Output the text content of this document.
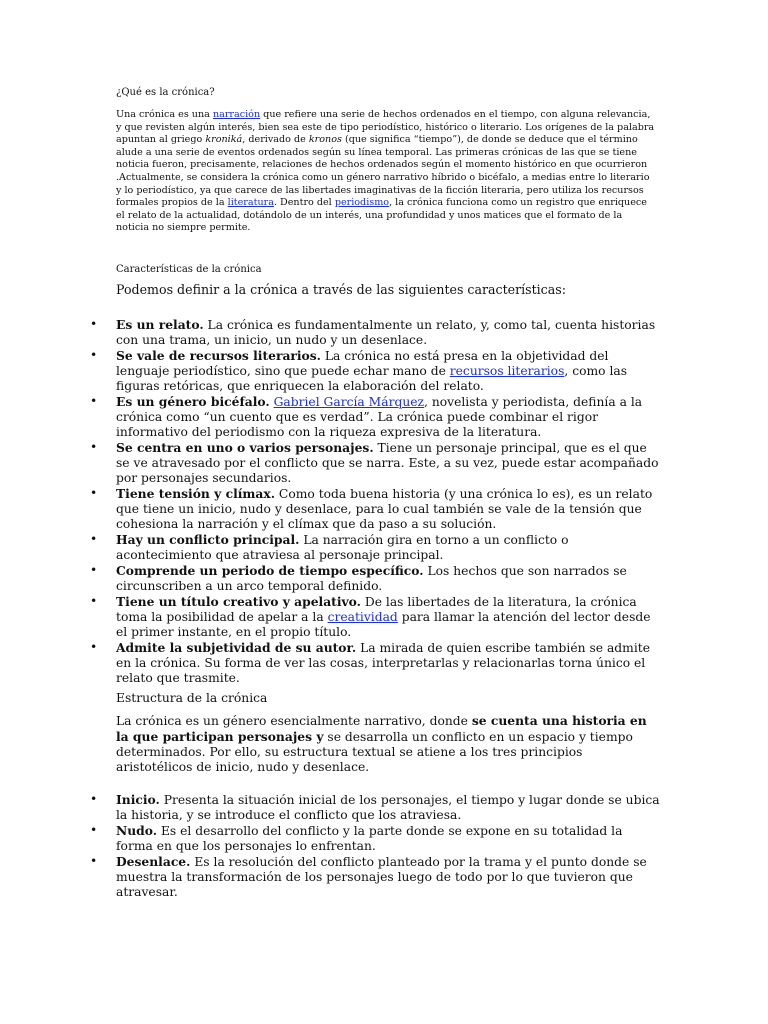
¿Qué es la crónica?

Una crónica es una narración que refiere una serie de hechos ordenados en el tiempo, con alguna relevancia, y que revisten algún interés, bien sea este de tipo periodístico, histórico o literario. Los orígenes de la palabra apuntan al griego kroniká, derivado de kronos (que significa “tiempo”), de donde se deduce que el término alude a una serie de eventos ordenados según su línea temporal. Las primeras crónicas de las que se tiene noticia fueron, precisamente, relaciones de hechos ordenados según el momento histórico en que ocurrieron .Actualmente, se considera la crónica como un género narrativo híbrido o bicéfalo, a medias entre lo literario y lo periodístico, ya que carece de las libertades imaginativas de la ficción literaria, pero utiliza los recursos formales propios de la literatura. Dentro del periodismo, la crónica funciona como un registro que enriquece el relato de la actualidad, dotándolo de un interés, una profundidad y unos matices que el formato de la noticia no siempre permite.

Características de la crónica
Podemos definir a la crónica a través de las siguientes características:
• Es un relato. La crónica es fundamentalmente un relato, y, como tal, cuenta historias con una trama, un inicio, un nudo y un desenlace.
• Se vale de recursos literarios. La crónica no está presa en la objetividad del lenguaje periodístico, sino que puede echar mano de recursos literarios, como las figuras retóricas, que enriquecen la elaboración del relato.
• Es un género bicéfalo. Gabriel García Márquez, novelista y periodista, definía a la crónica como “un cuento que es verdad”. La crónica puede combinar el rigor informativo del periodismo con la riqueza expresiva de la literatura.
• Se centra en uno o varios personajes. Tiene un personaje principal, que es el que se ve atravesado por el conflicto que se narra. Este, a su vez, puede estar acompañado por personajes secundarios.
• Tiene tensión y clímax. Como toda buena historia (y una crónica lo es), es un relato que tiene un inicio, nudo y desenlace, para lo cual también se vale de la tensión que cohesiona la narración y el clímax que da paso a su solución.
• Hay un conflicto principal. La narración gira en torno a un conflicto o acontecimiento que atraviesa al personaje principal.
• Comprende un periodo de tiempo específico. Los hechos que son narrados se circunscriben a un arco temporal definido.
• Tiene un título creativo y apelativo. De las libertades de la literatura, la crónica toma la posibilidad de apelar a la creatividad para llamar la atención del lector desde el primer instante, en el propio título.
• Admite la subjetividad de su autor. La mirada de quien escribe también se admite en la crónica. Su forma de ver las cosas, interpretarlas y relacionarlas torna único el relato que trasmite.
Estructura de la crónica
La crónica es un género esencialmente narrativo, donde se cuenta una historia en la que participan personajes y se desarrolla un conflicto en un espacio y tiempo determinados. Por ello, su estructura textual se atiene a los tres principios aristotélicos de inicio, nudo y desenlace.
• Inicio. Presenta la situación inicial de los personajes, el tiempo y lugar donde se ubica la historia, y se introduce el conflicto que los atraviesa.
• Nudo. Es el desarrollo del conflicto y la parte donde se expone en su totalidad la forma en que los personajes lo enfrentan.
• Desenlace. Es la resolución del conflicto planteado por la trama y el punto donde se muestra la transformación de los personajes luego de todo por lo que tuvieron que atravesar.
